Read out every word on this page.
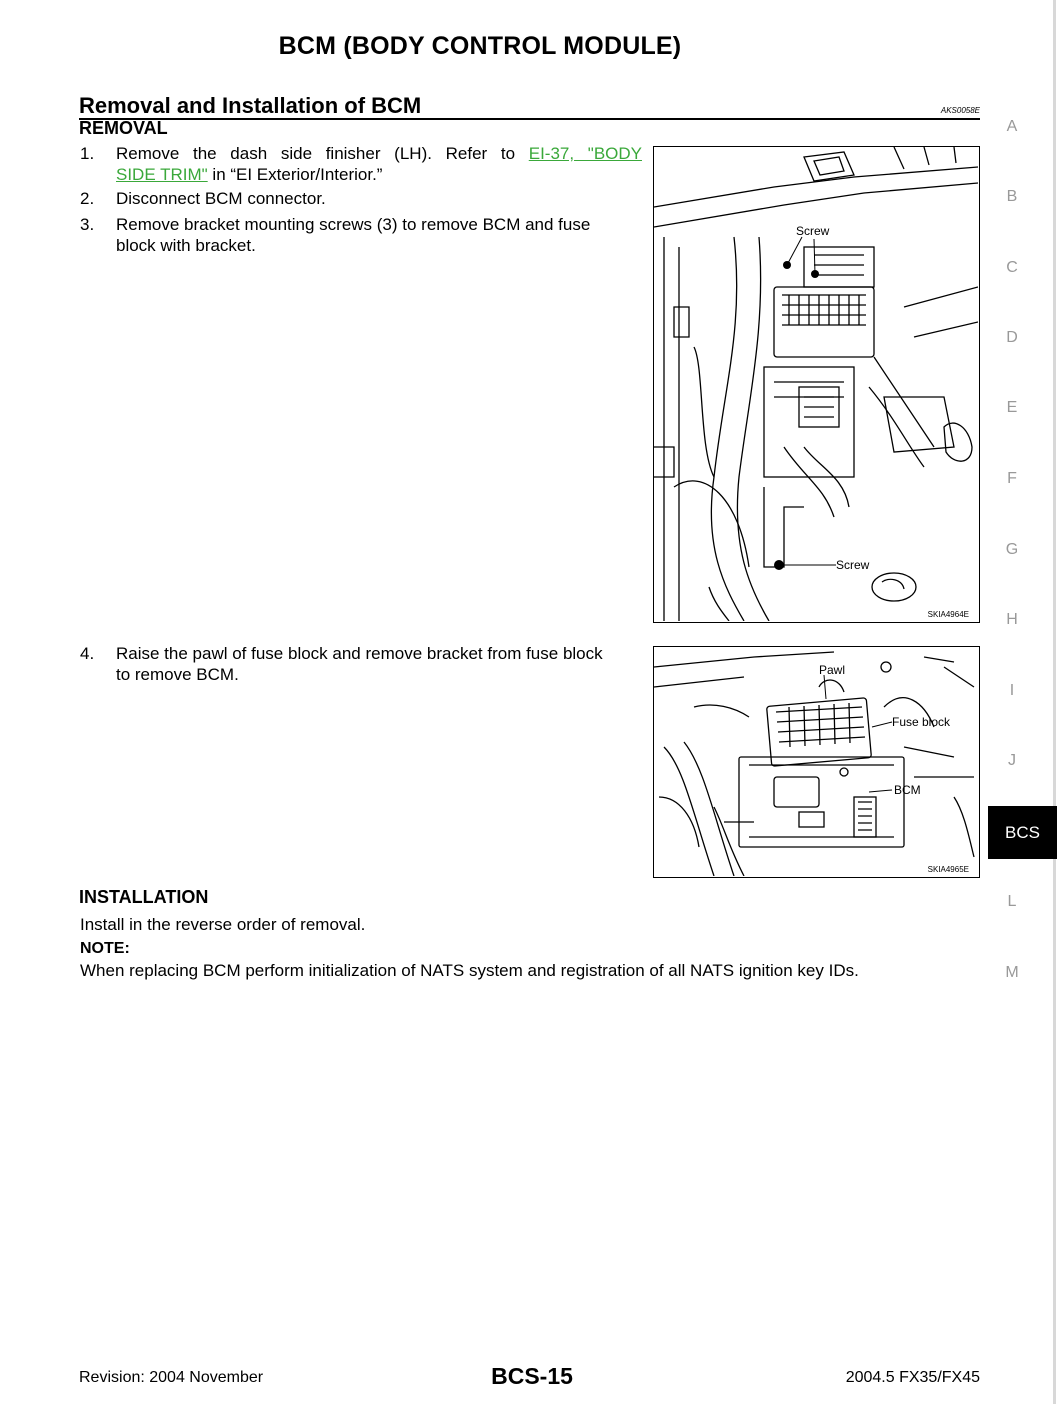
BCM (BODY CONTROL MODULE)
Removal and Installation of BCM	AKS0058E
REMOVAL
1.	Remove the dash side finisher (LH). Refer to EI-37, "BODY
SIDE TRIM" in “EI Exterior/Interior.”
2.	Disconnect BCM connector.
3.	Remove bracket mounting screws (3) to remove BCM and fuse
block with bracket.
Screw
Screw
SKIA4964E
4.	Raise the pawl of fuse block and remove bracket from fuse block
to remove BCM.	Pawl
Fuse block
BCM
SKIA4965E
INSTALLATION
Install in the reverse order of removal.
NOTE:
When replacing BCM perform initialization of NATS system and registration of all NATS ignition key IDs.
A
B
C
D
E
F
G
H
I
J
BCS
L
M
Revision: 2004 November	BCS-15	2004.5 FX35/FX45
